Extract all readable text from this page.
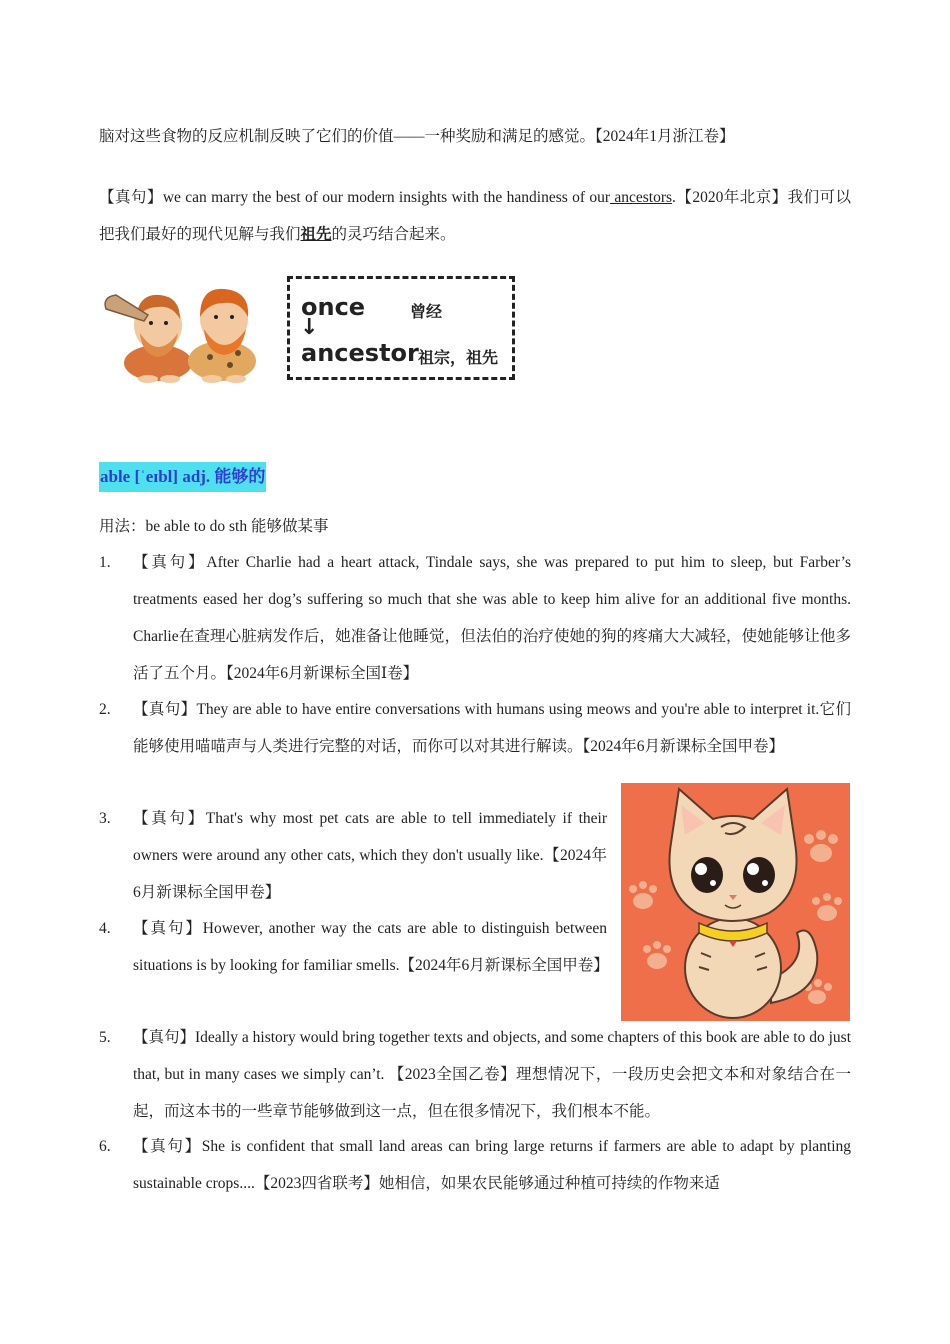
脑对这些食物的反应机制反映了它们的价值——一种奖励和满足的感觉。【2024年1月浙江卷】
【真句】we can marry the best of our modern insights with the handiness of our ancestors.【2020年北京】我们可以把我们最好的现代见解与我们祖先的灵巧结合起来。
once	曾经
↓
ancestor 祖宗，祖先
able [ˈeɪbl] adj. 能够的
用法：be able to do sth 能够做某事
1.	【真句】After Charlie had a heart attack, Tindale says, she was prepared to put him to sleep, but Farber’s treatments eased her dog’s suffering so much that she was able to keep him alive for an additional five months. Charlie在查理心脏病发作后，她准备让他睡觉，但法伯的治疗使她的狗的疼痛大大减轻，使她能够让他多活了五个月。【2024年6月新课标全国Ⅰ卷】
2.	【真句】They are able to have entire conversations with humans using meows and you're able to interpret it.它们能够使用喵喵声与人类进行完整的对话，而你可以对其进行解读。【2024年6月新课标全国甲卷】
3.	【真句】That's why most pet cats are able to tell immediately if their owners were around any other cats, which they don't usually like.【2024年6月新课标全国甲卷】
4.	【真句】However, another way the cats are able to distinguish between situations is by looking for familiar smells.【2024年6月新课标全国甲卷】
5.	【真句】Ideally a history would bring together texts and objects, and some chapters of this book are able to do just that, but in many cases we simply can’t. 【2023全国乙卷】理想情况下，一段历史会把文本和对象结合在一起，而这本书的一些章节能够做到这一点，但在很多情况下，我们根本不能。
6.	【真句】She is confident that small land areas can bring large returns if farmers are able to adapt by planting sustainable crops....【2023四省联考】她相信，如果农民能够通过种植可持续的作物来适
